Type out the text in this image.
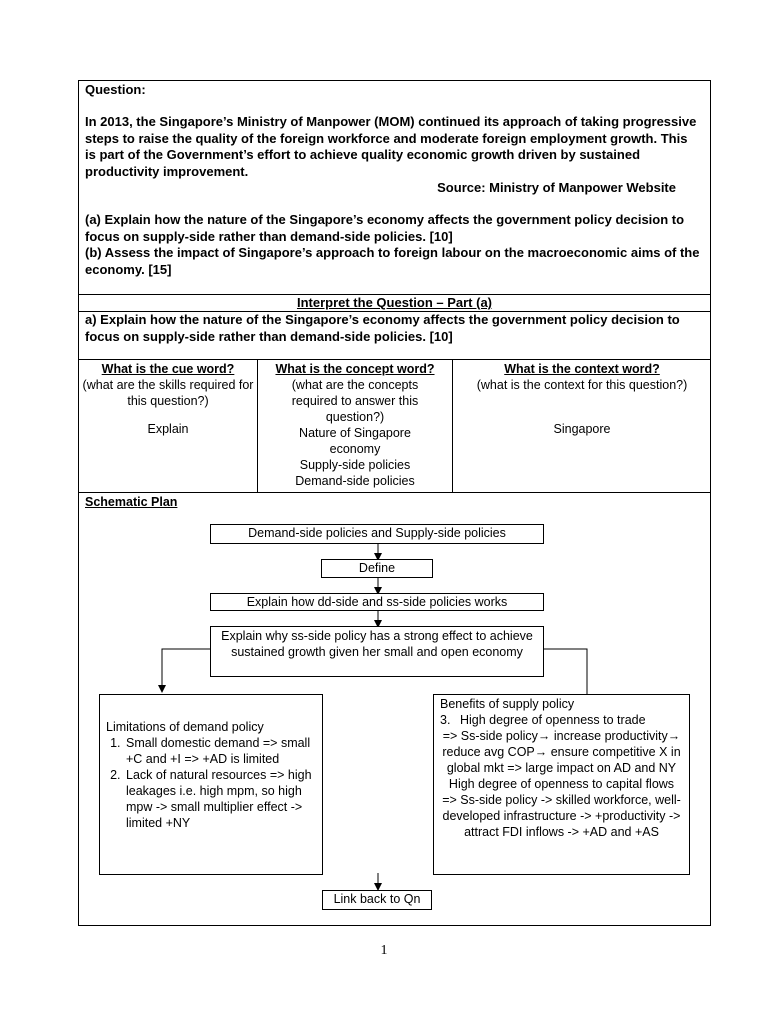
Question:
In 2013, the Singapore’s Ministry of Manpower (MOM) continued its approach of taking progressive steps to raise the quality of the foreign workforce and moderate foreign employment growth. This is part of the Government’s effort to achieve quality economic growth driven by sustained productivity improvement.
Source: Ministry of Manpower Website
(a) Explain how the nature of the Singapore’s economy affects the government policy decision to focus on supply-side rather than demand-side policies. [10]
(b) Assess the impact of Singapore’s approach to foreign labour on the macroeconomic aims of the economy. [15]
Interpret the Question – Part (a)
a) Explain how the nature of the Singapore’s economy affects the government policy decision to focus on supply-side rather than demand-side policies. [10]
What is the cue word?
(what are the skills required for this question?)
Explain
What is the concept word?
(what are the concepts required to answer this question?)
Nature of Singapore economy
Supply-side policies
Demand-side policies
What is the context word?
(what is the context for this question?)
Singapore
Schematic Plan
Demand-side policies and Supply-side policies
Define
Explain how dd-side and ss-side policies works
Explain why ss-side policy has a strong effect to achieve sustained growth given her small and open economy
Limitations of demand policy
1. Small domestic demand => small +C and +I => +AD is limited
2. Lack of natural resources => high leakages i.e. high mpm, so high mpw -> small multiplier effect -> limited +NY
Benefits of supply policy
3. High degree of openness to trade
=> Ss-side policy→ increase productivity→ reduce avg COP→ ensure competitive X in global mkt => large impact on AD and NY
High degree of openness to capital flows => Ss-side policy -> skilled workforce, well-developed infrastructure -> +productivity -> attract FDI inflows -> +AD and +AS
Link back to Qn
1
